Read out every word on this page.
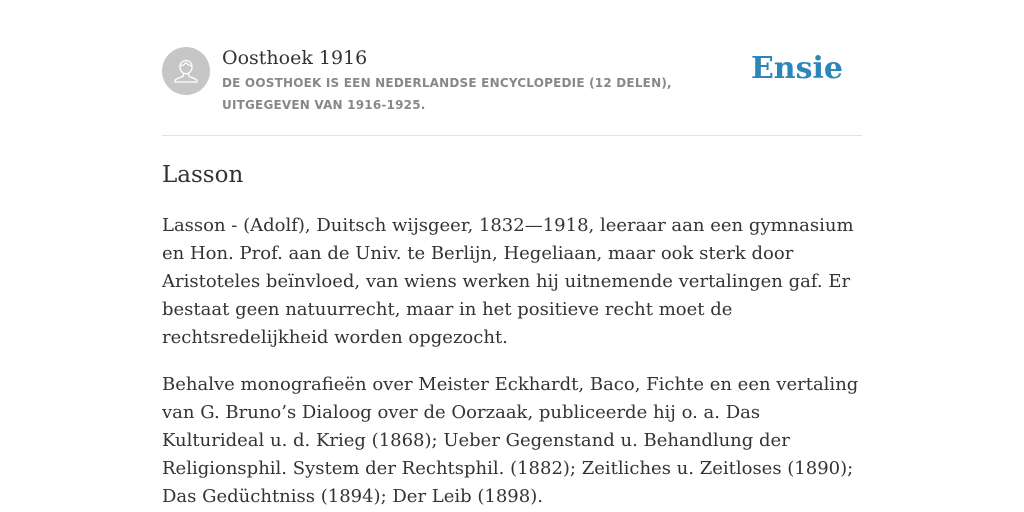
Oosthoek 1916
DE OOSTHOEK IS EEN NEDERLANDSE ENCYCLOPEDIE (12 DELEN), UITGEGEVEN VAN 1916-1925.
Ensie
Lasson

Lasson - (Adolf), Duitsch wijsgeer, 1832—1918, leeraar aan een gymnasium en Hon. Prof. aan de Univ. te Berlijn, Hegeliaan, maar ook sterk door Aristoteles beïnvloed, van wiens werken hij uitnemende vertalingen gaf. Er bestaat geen natuurrecht, maar in het positieve recht moet de rechtsredelijkheid worden opgezocht.

Behalve monografieën over Meister Eckhardt, Baco, Fichte en een vertaling van G. Bruno’s Dialoog over de Oorzaak, publiceerde hij o. a. Das Kulturideal u. d. Krieg (1868); Ueber Gegenstand u. Behandlung der Religionsphil. System der Rechtsphil. (1882); Zeitliches u. Zeitloses (1890); Das Gedüchtniss (1894); Der Leib (1898).
